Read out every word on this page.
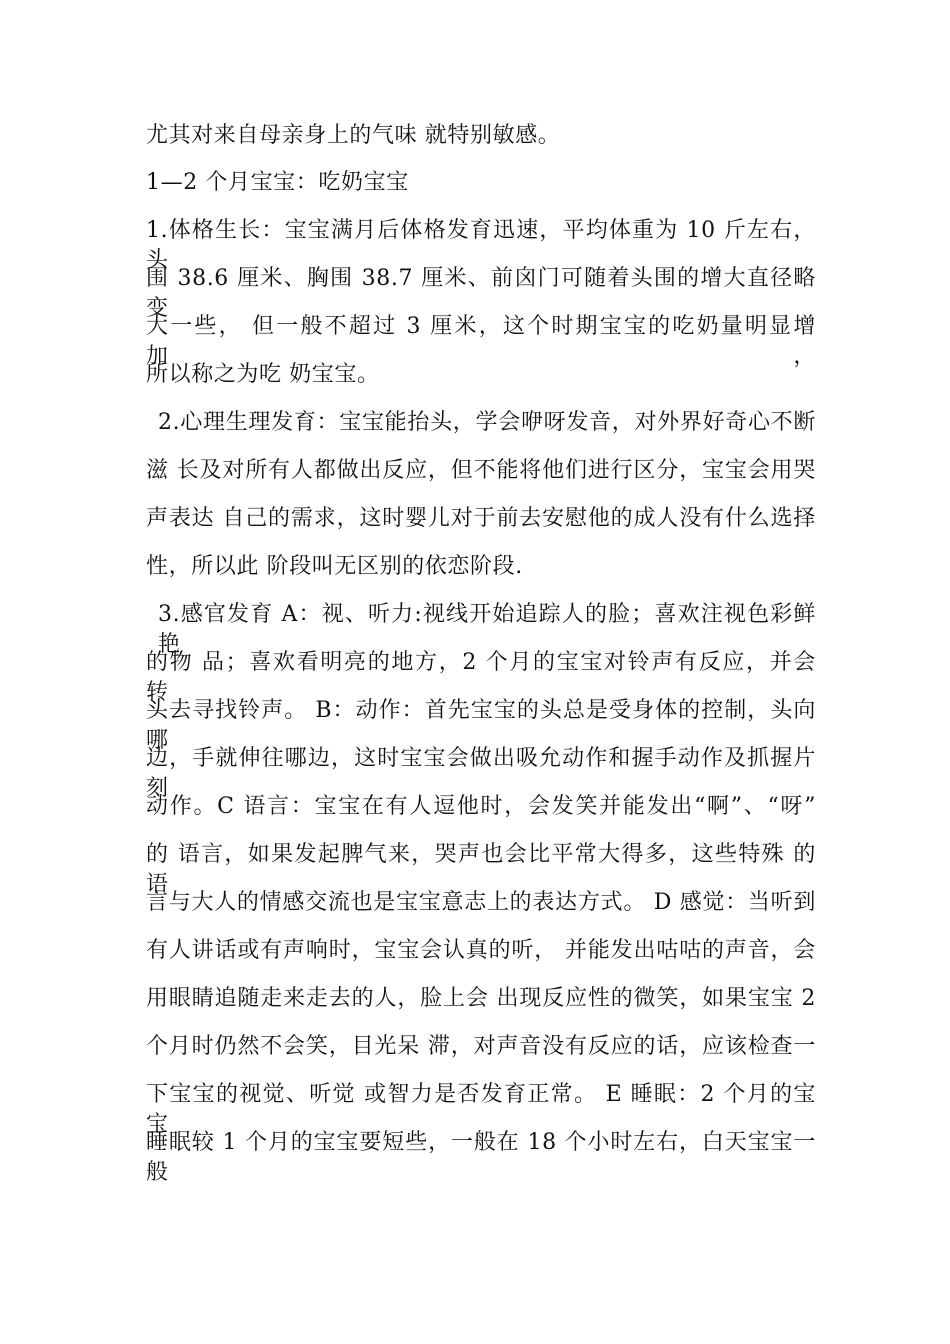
尤其对来自母亲身上的气味 就特别敏感。

1—2 个月宝宝：吃奶宝宝

1.体格生长：宝宝满月后体格发育迅速，平均体重为 10 斤左右，头

围 38.6 厘米、胸围 38.7 厘米、前囟门可随着头围的增大直径略变

大一些， 但一般不超过 3 厘米，这个时期宝宝的吃奶量明显增加，

所以称之为吃 奶宝宝。

2.心理生理发育：宝宝能抬头，学会咿呀发音，对外界好奇心不断

滋 长及对所有人都做出反应，但不能将他们进行区分，宝宝会用哭

声表达 自己的需求，这时婴儿对于前去安慰他的成人没有什么选择

性，所以此 阶段叫无区别的依恋阶段.

3.感官发育 A：视、听力:视线开始追踪人的脸；喜欢注视色彩鲜艳

的物 品；喜欢看明亮的地方，2 个月的宝宝对铃声有反应，并会 转

头去寻找铃声。 B：动作：首先宝宝的头总是受身体的控制，头向哪

边，手就伸往哪边，这时宝宝会做出吸允动作和握手动作及抓握片刻

动作。C 语言：宝宝在有人逗他时，会发笑并能发出“啊”、“呀”

的 语言，如果发起脾气来，哭声也会比平常大得多，这些特殊 的语

言与大人的情感交流也是宝宝意志上的表达方式。 D 感觉：当听到

有人讲话或有声响时，宝宝会认真的听， 并能发出咕咕的声音，会

用眼睛追随走来走去的人，脸上会 出现反应性的微笑，如果宝宝 2

个月时仍然不会笑，目光呆 滞，对声音没有反应的话，应该检查一

下宝宝的视觉、听觉 或智力是否发育正常。 E 睡眠：2 个月的宝宝

睡眠较 1 个月的宝宝要短些，一般在 18 个小时左右，白天宝宝一般
